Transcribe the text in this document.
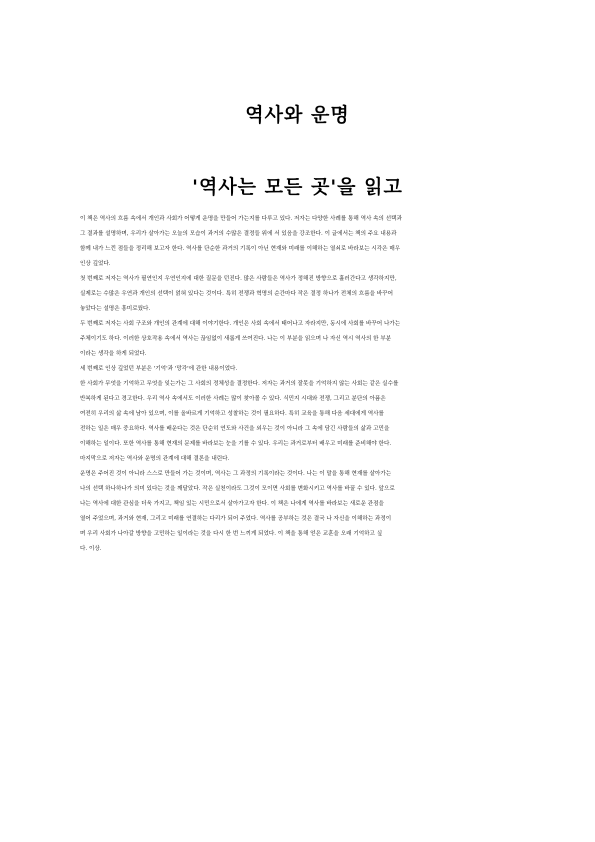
역사와 운명
'역사는 모든 곳'을 읽고
이 책은 역사의 흐름 속에서 개인과 사회가 어떻게 운명을 만들어 가는지를 다루고 있다. 저자는 다양한 사례를 통해 역사 속의 선택과
그 결과를 설명하며, 우리가 살아가는 오늘의 모습이 과거의 수많은 결정들 위에 서 있음을 강조한다. 이 글에서는 책의 주요 내용과
함께 내가 느낀 점들을 정리해 보고자 한다. 역사를 단순한 과거의 기록이 아닌 현재와 미래를 이해하는 열쇠로 바라보는 시각은 매우
인상 깊었다.
첫 번째로 저자는 역사가 필연인지 우연인지에 대한 질문을 던진다. 많은 사람들은 역사가 정해진 방향으로 흘러간다고 생각하지만,
실제로는 수많은 우연과 개인의 선택이 얽혀 있다는 것이다. 특히 전쟁과 혁명의 순간마다 작은 결정 하나가 전체의 흐름을 바꾸어
놓았다는 설명은 흥미로웠다.
두 번째로 저자는 사회 구조와 개인의 관계에 대해 이야기한다. 개인은 사회 속에서 태어나고 자라지만, 동시에 사회를 바꾸어 나가는
주체이기도 하다. 이러한 상호작용 속에서 역사는 끊임없이 새롭게 쓰여진다. 나는 이 부분을 읽으며 나 자신 역시 역사의 한 부분
이라는 생각을 하게 되었다.
세 번째로 인상 깊었던 부분은 '기억'과 '망각'에 관한 내용이었다.
한 사회가 무엇을 기억하고 무엇을 잊는가는 그 사회의 정체성을 결정한다. 저자는 과거의 잘못을 기억하지 않는 사회는 같은 실수를
반복하게 된다고 경고한다. 우리 역사 속에서도 이러한 사례는 많이 찾아볼 수 있다. 식민지 시대와 전쟁, 그리고 분단의 아픔은
여전히 우리의 삶 속에 남아 있으며, 이를 올바르게 기억하고 성찰하는 것이 필요하다. 특히 교육을 통해 다음 세대에게 역사를
전하는 일은 매우 중요하다. 역사를 배운다는 것은 단순히 연도와 사건을 외우는 것이 아니라 그 속에 담긴 사람들의 삶과 고민을
이해하는 일이다. 또한 역사를 통해 현재의 문제를 바라보는 눈을 기를 수 있다. 우리는 과거로부터 배우고 미래를 준비해야 한다.
마지막으로 저자는 역사와 운명의 관계에 대해 결론을 내린다.
운명은 주어진 것이 아니라 스스로 만들어 가는 것이며, 역사는 그 과정의 기록이라는 것이다. 나는 이 말을 통해 현재를 살아가는
나의 선택 하나하나가 의미 있다는 것을 깨달았다. 작은 실천이라도 그것이 모이면 사회를 변화시키고 역사를 바꿀 수 있다. 앞으로
나는 역사에 대한 관심을 더욱 가지고, 책임 있는 시민으로서 살아가고자 한다. 이 책은 나에게 역사를 바라보는 새로운 관점을
열어 주었으며, 과거와 현재, 그리고 미래를 연결하는 다리가 되어 주었다. 역사를 공부하는 것은 결국 나 자신을 이해하는 과정이
며 우리 사회가 나아갈 방향을 고민하는 일이라는 것을 다시 한 번 느끼게 되었다. 이 책을 통해 얻은 교훈을 오래 기억하고 싶
다. 이상.
